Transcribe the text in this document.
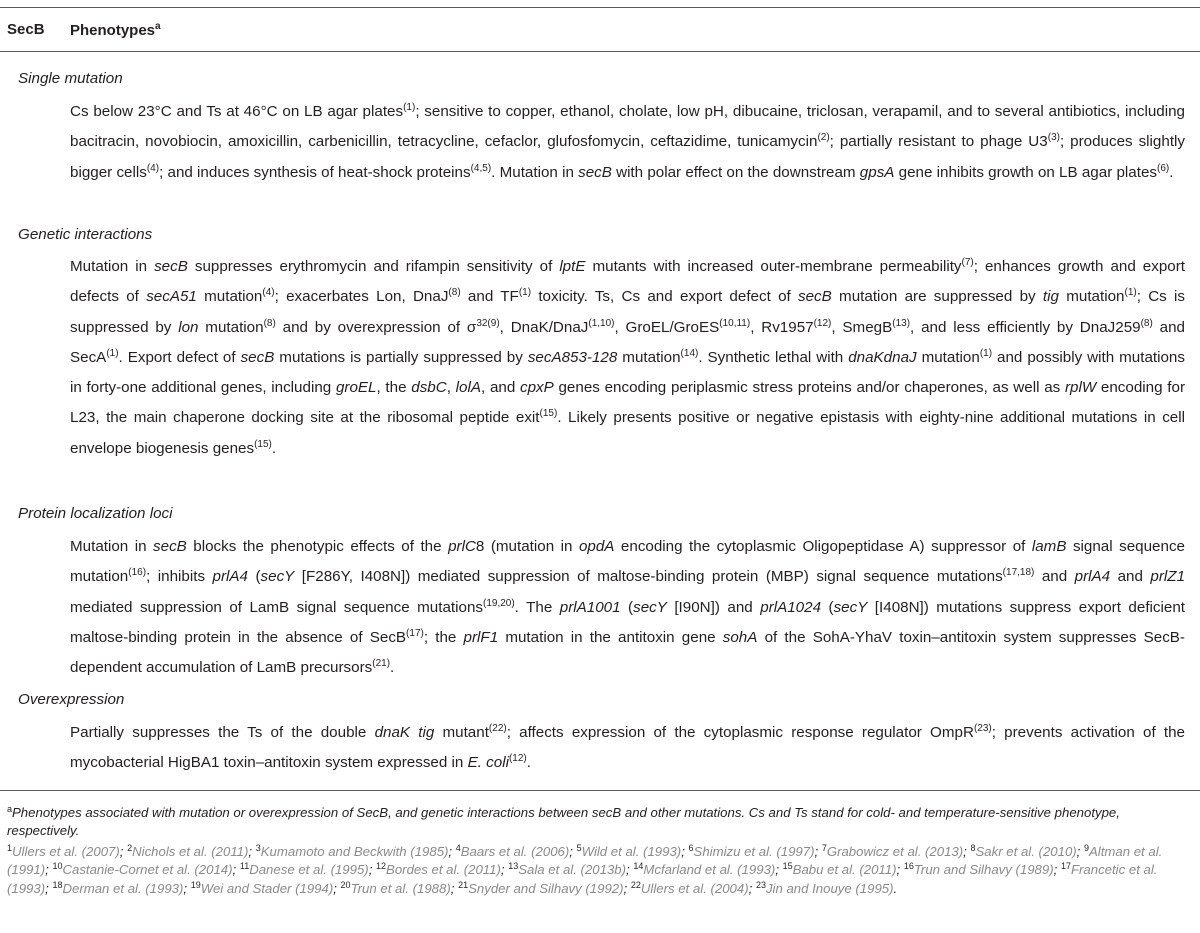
SecB Phenotypes$^a$
Single mutation
Cs below 23°C and Ts at 46°C on LB agar plates$^{(1)}$; sensitive to copper, ethanol, cholate, low pH, dibucaine, triclosan, verapamil, and to several antibiotics, including bacitracin, novobiocin, amoxicillin, carbenicillin, tetracycline, cefaclor, glufosfomycin, ceftazidime, tunicamycin$^{(2)}$; partially resistant to phage U3$^{(3)}$; produces slightly bigger cells$^{(4)}$; and induces synthesis of heat-shock proteins$^{(4,5)}$. Mutation in secB with polar effect on the downstream gpsA gene inhibits growth on LB agar plates$^{(6)}$.
Genetic interactions
Mutation in secB suppresses erythromycin and rifampin sensitivity of lptE mutants with increased outer-membrane permeability$^{(7)}$; enhances growth and export defects of secA51 mutation$^{(4)}$; exacerbates Lon, DnaJ$^{(8)}$ and TF$^{(1)}$ toxicity. Ts, Cs and export defect of secB mutation are suppressed by tig mutation$^{(1)}$; Cs is suppressed by lon mutation$^{(8)}$ and by overexpression of $\sigma^{32(9)}$, DnaK/DnaJ$^{(1,10)}$, GroEL/GroES$^{(10,11)}$, Rv1957$^{(12)}$, SmegB$^{(13)}$, and less efficiently by DnaJ259$^{(8)}$ and SecA$^{(1)}$. Export defect of secB mutations is partially suppressed by secA853-128 mutation$^{(14)}$. Synthetic lethal with dnaKdnaJ mutation$^{(1)}$ and possibly with mutations in forty-one additional genes, including groEL, the dsbC, lolA, and cpxP genes encoding periplasmic stress proteins and/or chaperones, as well as rplW encoding for L23, the main chaperone docking site at the ribosomal peptide exit$^{(15)}$. Likely presents positive or negative epistasis with eighty-nine additional mutations in cell envelope biogenesis genes$^{(15)}$.
Protein localization loci
Mutation in secB blocks the phenotypic effects of the prlC8 (mutation in opdA encoding the cytoplasmic Oligopeptidase A) suppressor of lamB signal sequence mutation$^{(16)}$; inhibits prlA4 (secY [F286Y, I408N]) mediated suppression of maltose-binding protein (MBP) signal sequence mutations$^{(17,18)}$ and prlA4 and prlZ1 mediated suppression of LamB signal sequence mutations$^{(19,20)}$. The prlA1001 (secY [I90N]) and prlA1024 (secY [I408N]) mutations suppress export deficient maltose-binding protein in the absence of SecB$^{(17)}$; the prlF1 mutation in the antitoxin gene sohA of the SohA-YhaV toxin–antitoxin system suppresses SecB-dependent accumulation of LamB precursors$^{(21)}$.
Overexpression
Partially suppresses the Ts of the double dnaK tig mutant$^{(22)}$; affects expression of the cytoplasmic response regulator OmpR$^{(23)}$; prevents activation of the mycobacterial HigBA1 toxin–antitoxin system expressed in E. coli$^{(12)}$.
$^a$Phenotypes associated with mutation or overexpression of SecB, and genetic interactions between secB and other mutations. Cs and Ts stand for cold- and temperature-sensitive phenotype, respectively.
$^1$Ullers et al. (2007); $^2$Nichols et al. (2011); $^3$Kumamoto and Beckwith (1985); $^4$Baars et al. (2006); $^5$Wild et al. (1993); $^6$Shimizu et al. (1997); $^7$Grabowicz et al. (2013); $^8$Sakr et al. (2010); $^9$Altman et al. (1991); $^{10}$Castanie-Cornet et al. (2014); $^{11}$Danese et al. (1995); $^{12}$Bordes et al. (2011); $^{13}$Sala et al. (2013b); $^{14}$Mcfarland et al. (1993); $^{15}$Babu et al. (2011); $^{16}$Trun and Silhavy (1989); $^{17}$Francetic et al. (1993); $^{18}$Derman et al. (1993); $^{19}$Wei and Stader (1994); $^{20}$Trun et al. (1988); $^{21}$Snyder and Silhavy (1992); $^{22}$Ullers et al. (2004); $^{23}$Jin and Inouye (1995).
